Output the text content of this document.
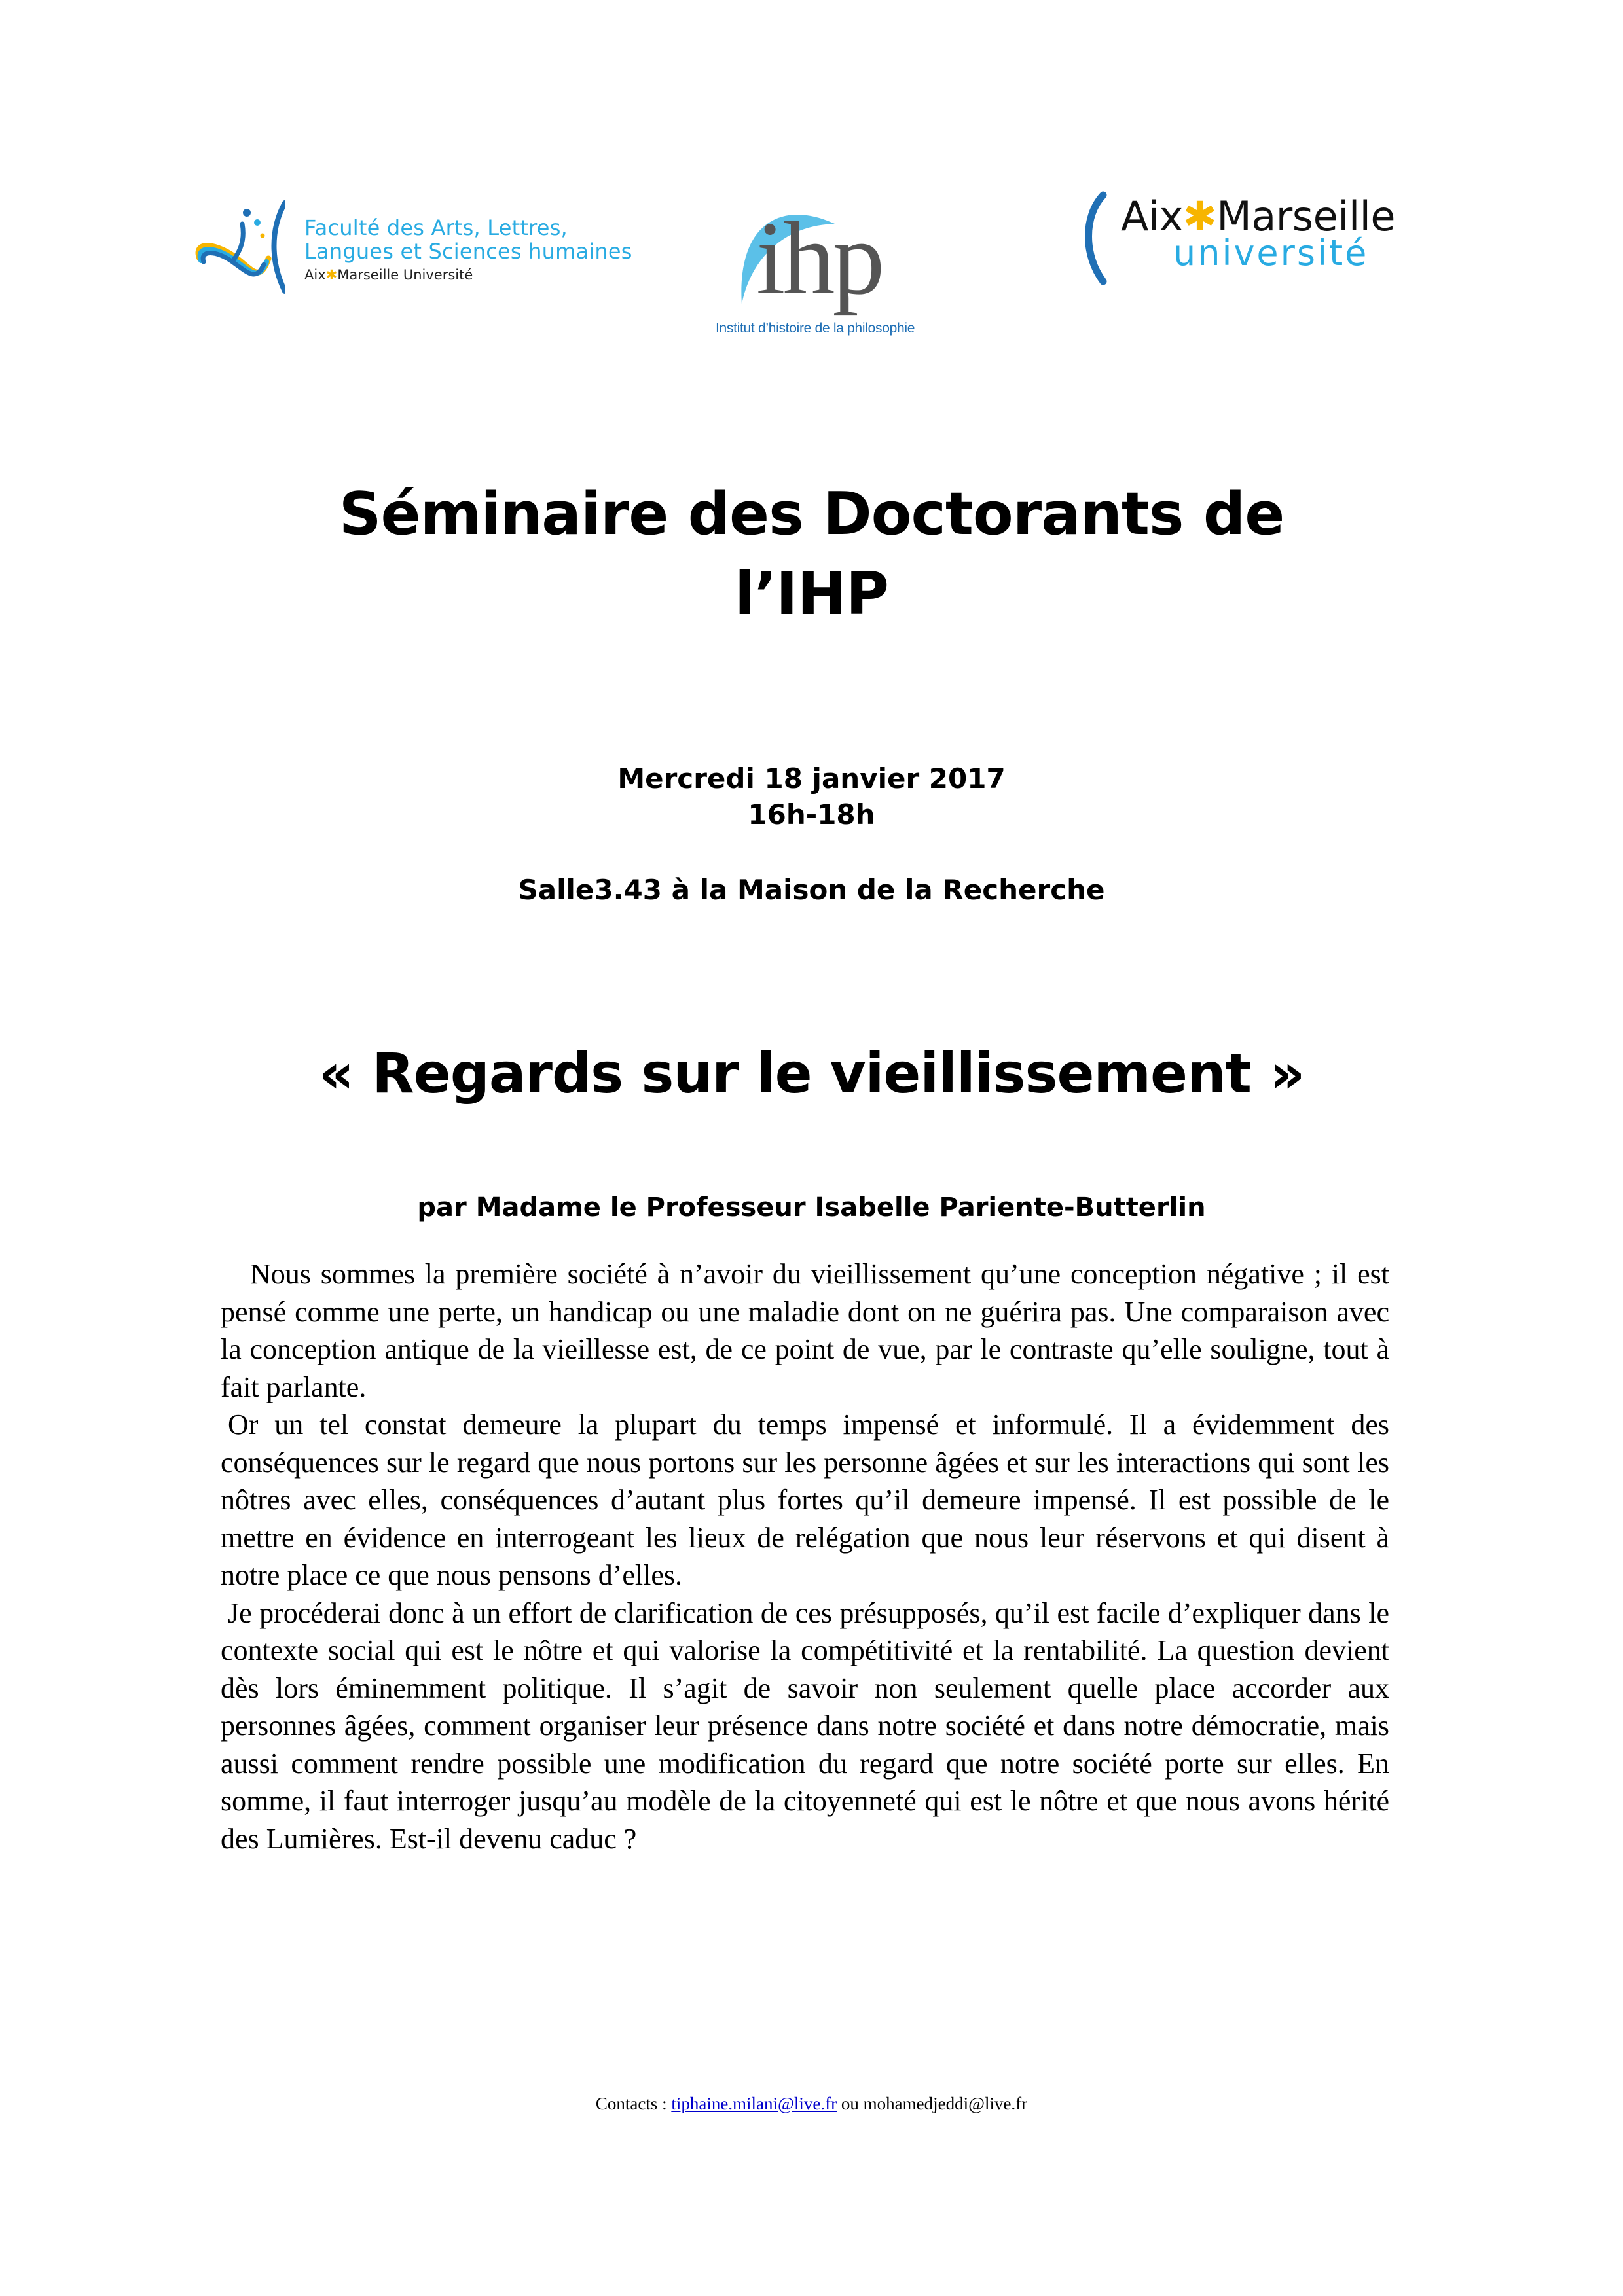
Faculté des Arts, Lettres,
Langues et Sciences humaines
Aix✱Marseille Université	ihp
Institut d’histoire de la philosophie
Aix✱Marseille
université
Séminaire des Doctorants de
l’IHP
Mercredi 18 janvier 2017
16h-18h
Salle3.43 à la Maison de la Recherche
« Regards sur le vieillissement »
par Madame le Professeur Isabelle Pariente-Butterlin

Nous sommes la première société à n’avoir du vieillissement qu’une conception négative ; il est pensé comme une perte, un handicap ou une maladie dont on ne guérira pas. Une comparaison avec la conception antique de la vieillesse est, de ce point de vue, par le contraste qu’elle souligne, tout à fait parlante.

Or un tel constat demeure la plupart du temps impensé et informulé. Il a évidemment des conséquences sur le regard que nous portons sur les personne âgées et sur les interactions qui sont les nôtres avec elles, conséquences d’autant plus fortes qu’il demeure impensé. Il est possible de le mettre en évidence en interrogeant les lieux de relégation que nous leur réservons et qui disent à notre place ce que nous pensons d’elles.

Je procéderai donc à un effort de clarification de ces présupposés, qu’il est facile d’expliquer dans le contexte social qui est le nôtre et qui valorise la compétitivité et la rentabilité. La question devient dès lors éminemment politique. Il s’agit de savoir non seulement quelle place accorder aux personnes âgées, comment organiser leur présence dans notre société et dans notre démocratie, mais aussi comment rendre possible une modification du regard que notre société porte sur elles. En somme, il faut interroger jusqu’au modèle de la citoyenneté qui est le nôtre et que nous avons hérité des Lumières. Est-il devenu caduc ?

Contacts : tiphaine.milani@live.fr ou mohamedjeddi@live.fr
